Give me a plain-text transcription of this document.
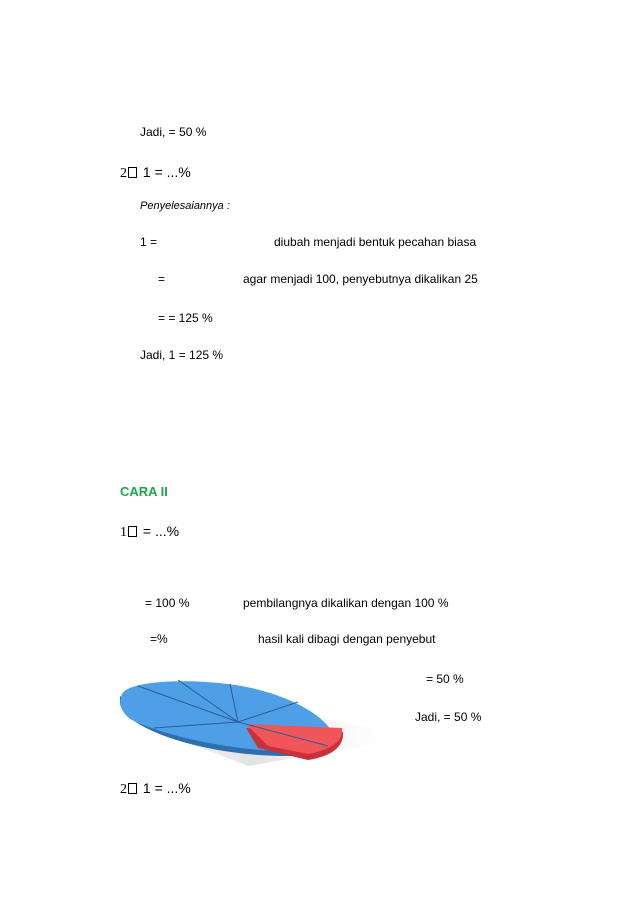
Jadi, = 50 %
2 1 = ...%
Penyelesaiannya :
1 =	diubah menjadi bentuk pecahan biasa
=	agar menjadi 100, penyebutnya dikalikan 25
= = 125 %
Jadi, 1 = 125 %
CARA II
1 = ...%
= 100 %	pembilangnya dikalikan dengan 100 %
=%	hasil kali dibagi dengan penyebut
= 50 %
Jadi, = 50 %
2 1 = ...%
